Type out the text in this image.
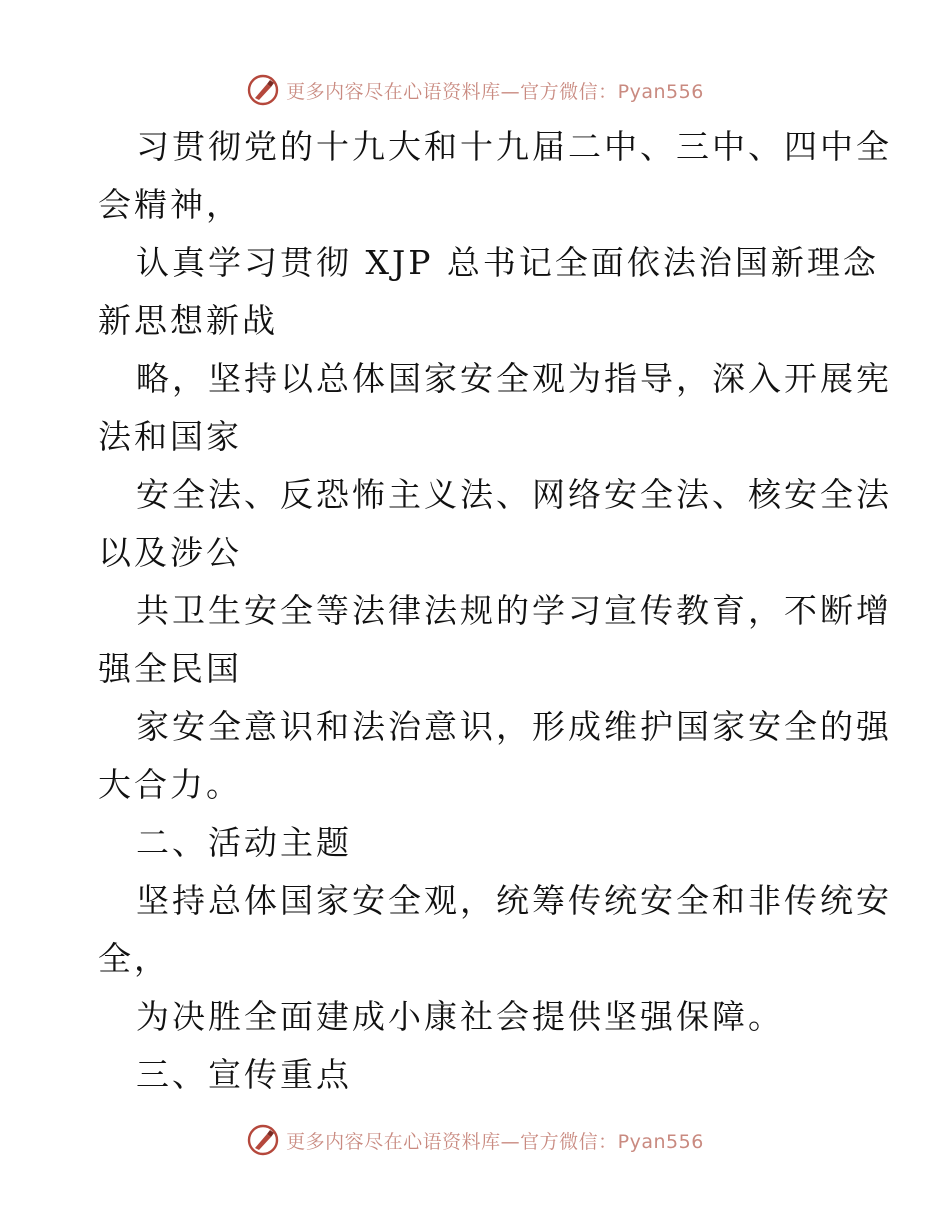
更多内容尽在心语资料库—官方微信：Pyan556
习贯彻党的十九大和十九届二中、三中、四中全
会精神，
认真学习贯彻 XJP 总书记全面依法治国新理念
新思想新战
略，坚持以总体国家安全观为指导，深入开展宪
法和国家
安全法、反恐怖主义法、网络安全法、核安全法
以及涉公
共卫生安全等法律法规的学习宣传教育，不断增
强全民国
家安全意识和法治意识，形成维护国家安全的强
大合力。
二、活动主题
坚持总体国家安全观，统筹传统安全和非传统安
全，
为决胜全面建成小康社会提供坚强保障。
三、宣传重点
更多内容尽在心语资料库—官方微信：Pyan556
